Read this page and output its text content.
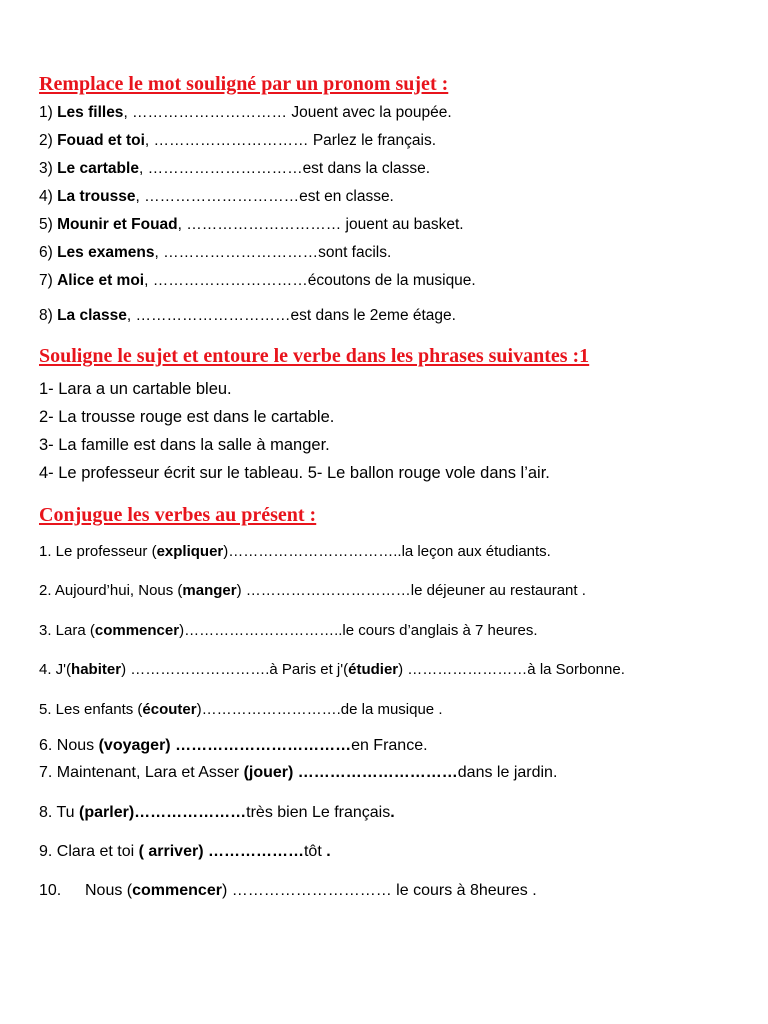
Remplace le mot souligné par un pronom sujet :

1) Les filles, ………………………… Jouent avec la poupée.

2) Fouad et toi, ………………………… Parlez le français.

3) Le cartable, …………………………est dans la classe.

4) La trousse, …………………………est en classe.

5) Mounir et Fouad, ………………………… jouent au basket.

6) Les examens, …………………………sont facils.

7) Alice et moi, …………………………écoutons de la musique.

8) La classe, …………………………est dans le 2eme étage.

Souligne le sujet et entoure le verbe dans les phrases suivantes :1

1- Lara a un cartable bleu.

2- La trousse rouge est dans le cartable.

3- La famille est dans la salle à manger.

4- Le professeur écrit sur le tableau. 5- Le ballon rouge vole dans l’air.

Conjugue les verbes au présent :

1. Le professeur (expliquer)……………………………..la leçon aux étudiants.

2. Aujourd’hui, Nous (manger) ……………………………le déjeuner au restaurant .

3. Lara (commencer)…………………………..le cours d’anglais à 7 heures.

4. J'(habiter) ……………………….à Paris et j'(étudier) ……………………à la Sorbonne.

5. Les enfants (écouter)……………………….de la musique .

6. Nous (voyager) ……………………………en France.

7. Maintenant, Lara et Asser (jouer) …………………………dans le jardin.

8. Tu (parler)…………………très bien Le français.

9. Clara et toi ( arriver) ………………tôt .

10. Nous (commencer) ………………………… le cours à 8heures .
